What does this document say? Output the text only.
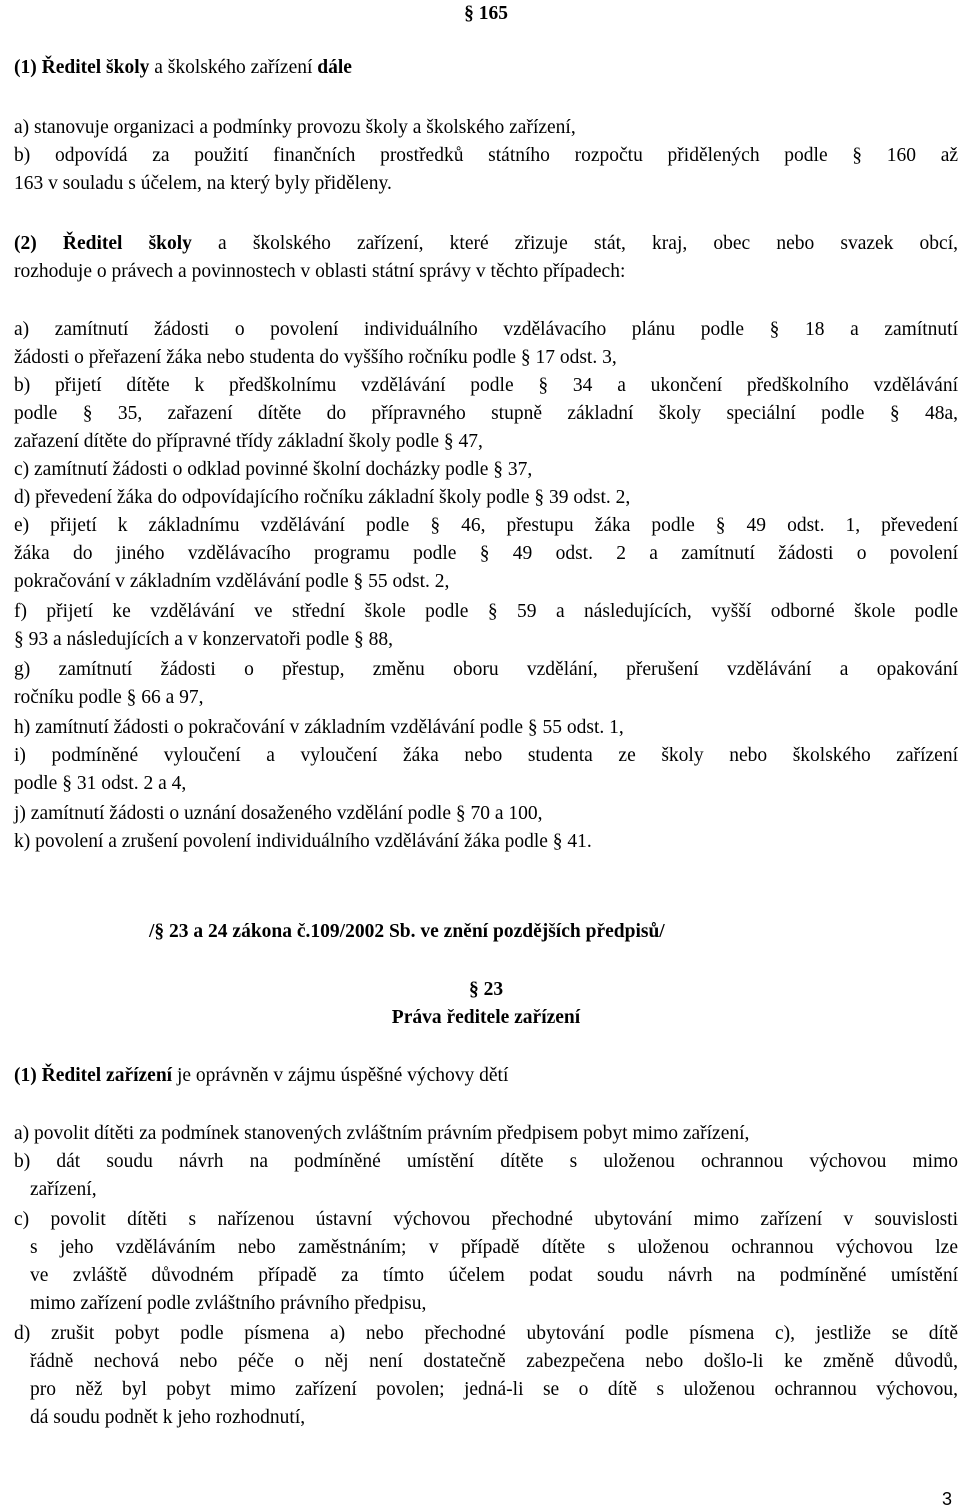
§ 165
(1) Ředitel školy a školského zařízení dále
a) stanovuje organizaci a podmínky provozu školy a školského zařízení,
b) odpovídá za použití finančních prostředků státního rozpočtu přidělených podle § 160 až
163 v souladu s účelem, na který byly přiděleny.
(2) Ředitel školy a školského zařízení, které zřizuje stát, kraj, obec nebo svazek obcí,
rozhoduje o právech a povinnostech v oblasti státní správy v těchto případech:
a) zamítnutí žádosti o povolení individuálního vzdělávacího plánu podle § 18 a zamítnutí
žádosti o přeřazení žáka nebo studenta do vyššího ročníku podle § 17 odst. 3,
b) přijetí dítěte k předškolnímu vzdělávání podle § 34 a ukončení předškolního vzdělávání
podle § 35, zařazení dítěte do přípravného stupně základní školy speciální podle § 48a,
zařazení dítěte do přípravné třídy základní školy podle § 47,
c) zamítnutí žádosti o odklad povinné školní docházky podle § 37,
d) převedení žáka do odpovídajícího ročníku základní školy podle § 39 odst. 2,
e) přijetí k základnímu vzdělávání podle § 46, přestupu žáka podle § 49 odst. 1, převedení
žáka do jiného vzdělávacího programu podle § 49 odst. 2 a zamítnutí žádosti o povolení
pokračování v základním vzdělávání podle § 55 odst. 2,
f) přijetí ke vzdělávání ve střední škole podle § 59 a následujících, vyšší odborné škole podle
§ 93 a následujících a v konzervatoři podle § 88,
g) zamítnutí žádosti o přestup, změnu oboru vzdělání, přerušení vzdělávání a opakování
ročníku podle § 66 a 97,
h) zamítnutí žádosti o pokračování v základním vzdělávání podle § 55 odst. 1,
i) podmíněné vyloučení a vyloučení žáka nebo studenta ze školy nebo školského zařízení
podle § 31 odst. 2 a 4,
j) zamítnutí žádosti o uznání dosaženého vzdělání podle § 70 a 100,
k) povolení a zrušení povolení individuálního vzdělávání žáka podle § 41.
/§ 23 a 24 zákona č.109/2002 Sb. ve znění pozdějších předpisů/
§ 23
Práva ředitele zařízení
(1) Ředitel zařízení je oprávněn v zájmu úspěšné výchovy dětí
a) povolit dítěti za podmínek stanovených zvláštním právním předpisem pobyt mimo zařízení,
b) dát soudu návrh na podmíněné umístění dítěte s uloženou ochrannou výchovou mimo
zařízení,
c) povolit dítěti s nařízenou ústavní výchovou přechodné ubytování mimo zařízení v souvislosti
s jeho vzděláváním nebo zaměstnáním; v případě dítěte s uloženou ochrannou výchovou lze
ve zvláště důvodném případě za tímto účelem podat soudu návrh na podmíněné umístění
mimo zařízení podle zvláštního právního předpisu,
d) zrušit pobyt podle písmena a) nebo přechodné ubytování podle písmena c), jestliže se dítě
řádně nechová nebo péče o něj není dostatečně zabezpečena nebo došlo-li ke změně důvodů,
pro něž byl pobyt mimo zařízení povolen; jedná-li se o dítě s uloženou ochrannou výchovou,
dá soudu podnět k jeho rozhodnutí,
3
